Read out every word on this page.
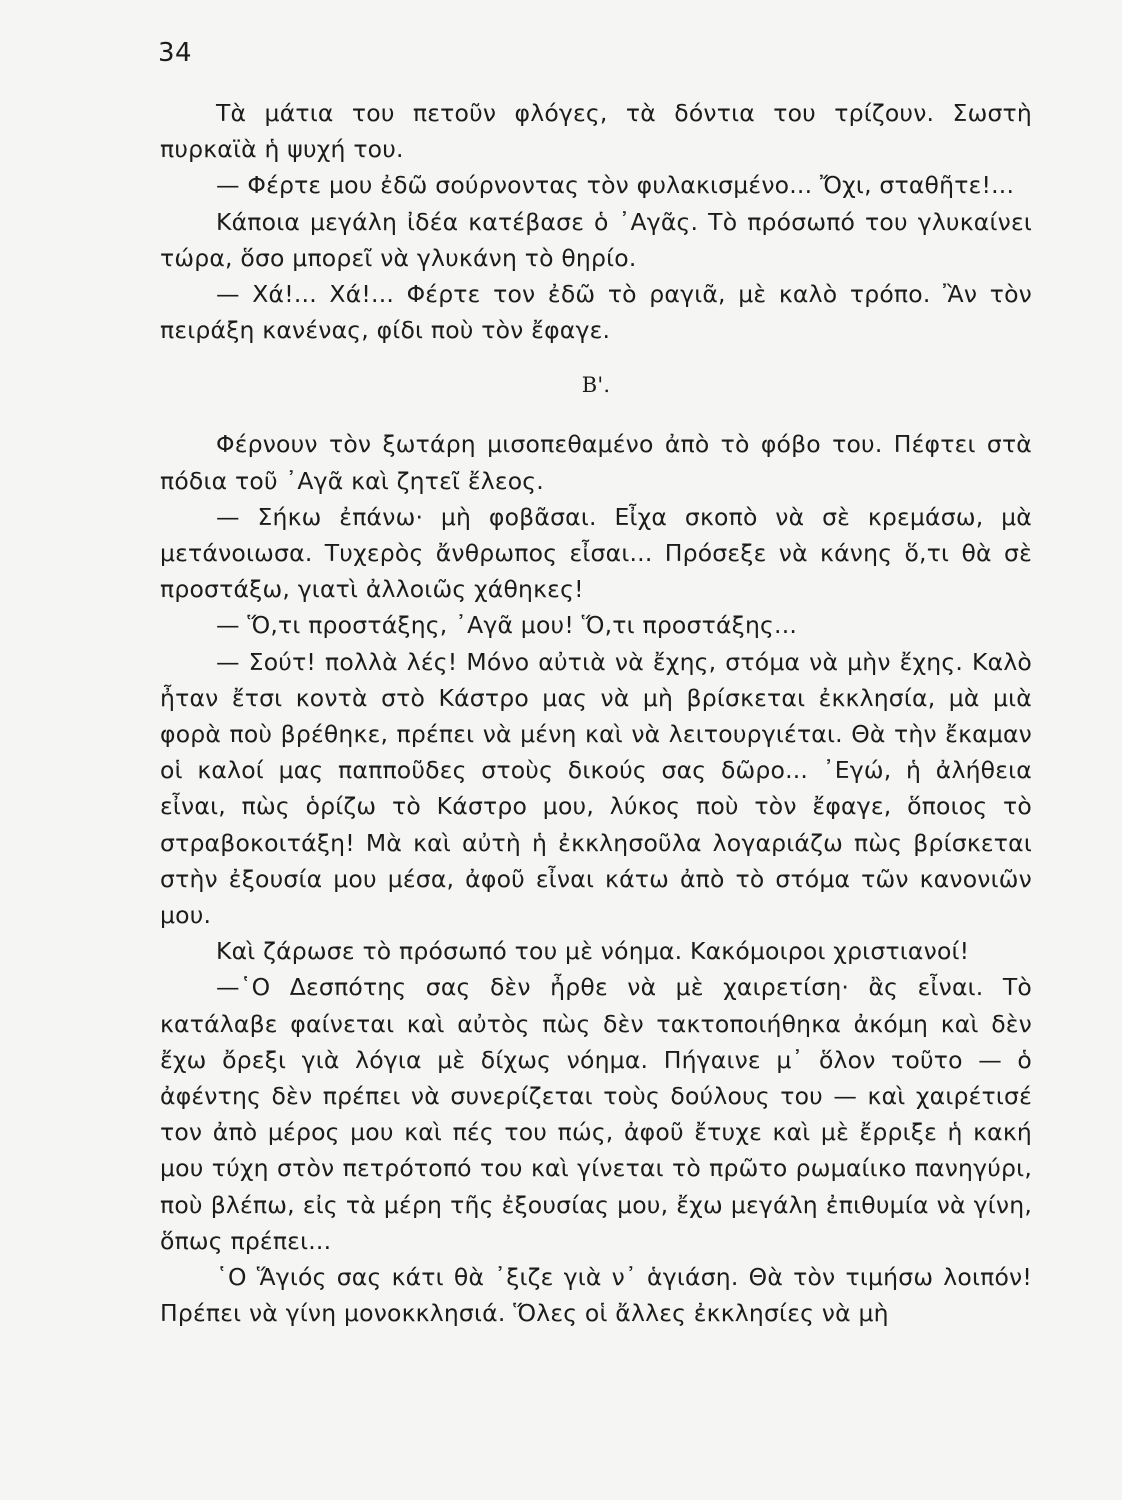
34

Τὰ μάτια του πετοῦν φλόγες, τὰ δόντια του τρίζουν. Σωστὴ πυρκαϊὰ ἡ ψυχή του.

— Φέρτε μου ἐδῶ σούρνοντας τὸν φυλακισμένο... Ὄχι, σταθῆτε!...

Κάποια μεγάλη ἰδέα κατέβασε ὁ ᾿Αγᾶς. Τὸ πρόσωπό του γλυκαίνει τώρα, ὅσο μπορεῖ νὰ γλυκάνη τὸ θηρίο.

— Χά!... Χά!... Φέρτε τον ἐδῶ τὸ ραγιᾶ, μὲ καλὸ τρόπο. Ἂν τὸν πειράξη κανένας, φίδι ποὺ τὸν ἔφαγε.

Β'.

Φέρνουν τὸν ξωτάρη μισοπεθαμένο ἀπὸ τὸ φόβο του. Πέφτει στὰ πόδια τοῦ ᾿Αγᾶ καὶ ζητεῖ ἔλεος.

— Σήκω ἐπάνω· μὴ φοβᾶσαι. Εἶχα σκοπὸ νὰ σὲ κρεμάσω, μὰ μετάνοιωσα. Τυχερὸς ἄνθρωπος εἶσαι... Πρόσεξε νὰ κάνης ὅ,τι θὰ σὲ προστάξω, γιατὶ ἀλλοιῶς χάθηκες!

— Ὅ,τι προστάξης, ᾿Αγᾶ μου! Ὅ,τι προστάξης...

— Σούτ! πολλὰ λές! Μόνο αὐτιὰ νὰ ἔχης, στόμα νὰ μὴν ἔχης. Καλὸ ἦταν ἔτσι κοντὰ στὸ Κάστρο μας νὰ μὴ βρίσκεται ἐκκλησία, μὰ μιὰ φορὰ ποὺ βρέθηκε, πρέπει νὰ μένη καὶ νὰ λειτουργιέται. Θὰ τὴν ἔκαμαν οἱ καλοί μας παπποῦδες στοὺς δικούς σας δῶρο... ᾿Εγώ, ἡ ἀλήθεια εἶναι, πὼς ὁρίζω τὸ Κάστρο μου, λύκος ποὺ τὸν ἔφαγε, ὅποιος τὸ στραβοκοιτάξη! Μὰ καὶ αὐτὴ ἡ ἐκκλησοῦλα λογαριάζω πὼς βρίσκεται στὴν ἐξουσία μου μέσα, ἀφοῦ εἶναι κάτω ἀπὸ τὸ στόμα τῶν κανονιῶν μου.

Καὶ ζάρωσε τὸ πρόσωπό του μὲ νόημα. Κακόμοιροι χριστιανοί!

—῾Ο Δεσπότης σας δὲν ἦρθε νὰ μὲ χαιρετίση· ἂς εἶναι. Τὸ κατάλαβε φαίνεται καὶ αὐτὸς πὼς δὲν τακτοποιήθηκα ἀκόμη καὶ δὲν ἔχω ὄρεξι γιὰ λόγια μὲ δίχως νόημα. Πήγαινε μ᾿ ὅλον τοῦτο — ὁ ἀφέντης δὲν πρέπει νὰ συνερίζεται τοὺς δούλους του — καὶ χαιρέτισέ τον ἀπὸ μέρος μου καὶ πές του πώς, ἀφοῦ ἔτυχε καὶ μὲ ἔρριξε ἡ κακή μου τύχη στὸν πετρότοπό του καὶ γίνεται τὸ πρῶτο ρωμαίικο πανηγύρι, ποὺ βλέπω, εἰς τὰ μέρη τῆς ἐξουσίας μου, ἔχω μεγάλη ἐπιθυμία νὰ γίνη, ὅπως πρέπει...

῾Ο Ἅγιός σας κάτι θὰ ᾿ξιζε γιὰ ν᾿ ἁγιάση. Θὰ τὸν τιμήσω λοιπόν! Πρέπει νὰ γίνη μονοκκλησιά. Ὅλες οἱ ἄλλες ἐκκλησίες νὰ μὴ
